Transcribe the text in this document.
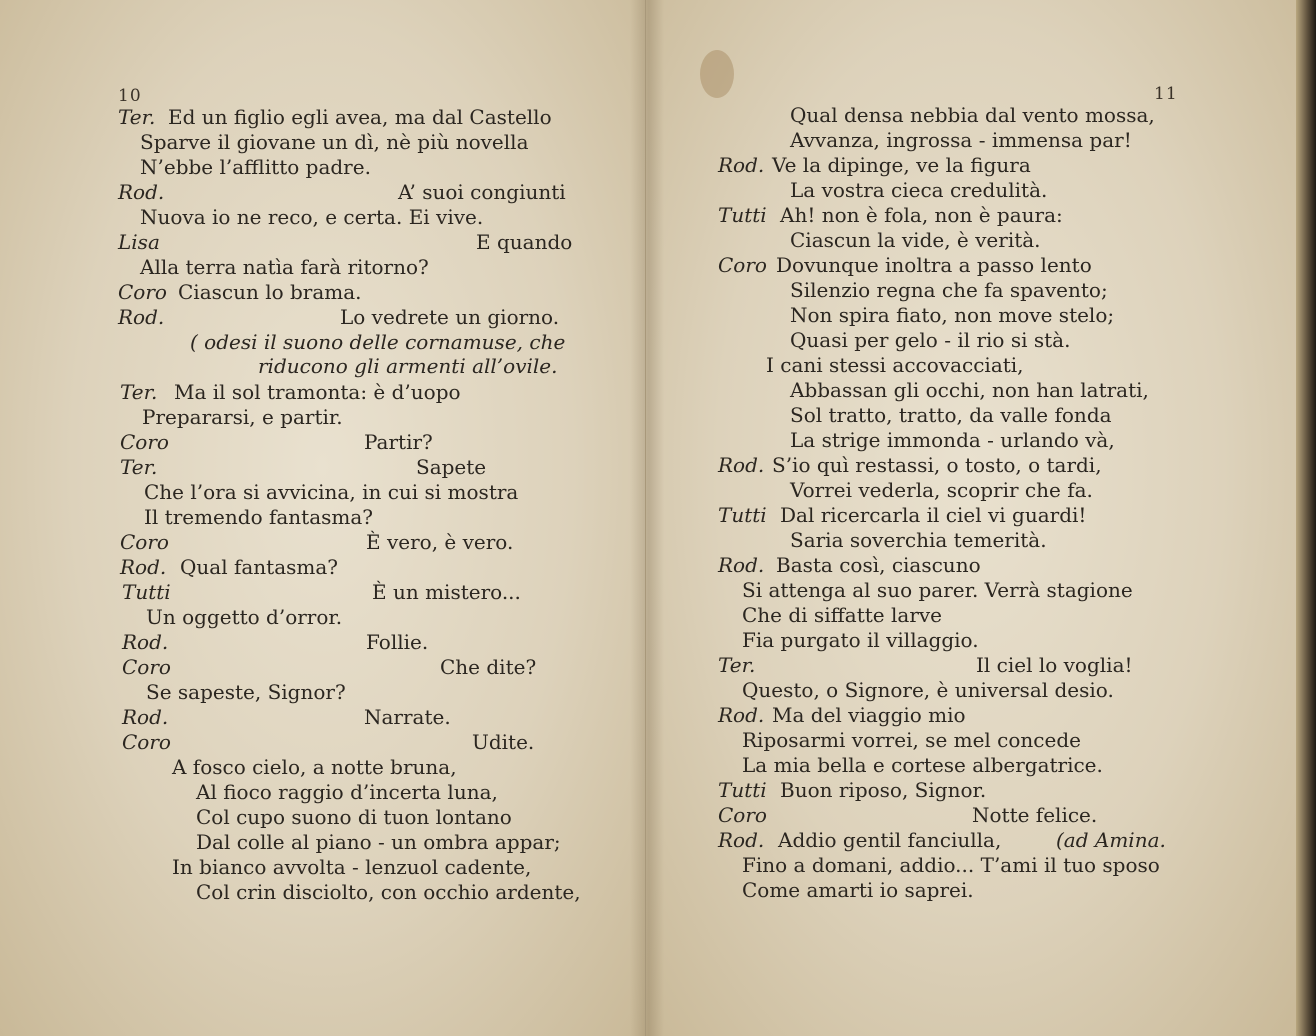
10
Ter. Ed un figlio egli avea, ma dal Castello
Sparve il giovane un dì, nè più novella
N’ebbe l’afflitto padre.
Rod.	A’ suoi congiunti
Nuova io ne reco, e certa. Ei vive.
Lisa	E quando
Alla terra natìa farà ritorno?
Coro Ciascun lo brama.
Rod.	Lo vedrete un giorno.
( odesi il suono delle cornamuse, che
riducono gli armenti all’ovile.
Ter. Ma il sol tramonta: è d’uopo
Prepararsi, e partir.
Coro	Partir?
Ter.	Sapete
Che l’ora si avvicina, in cui si mostra
Il tremendo fantasma?
Coro	È vero, è vero.
Rod. Qual fantasma?
Tutti	È un mistero...
Un oggetto d’orror.
Rod.	Follie.
Coro	Che dite?
Se sapeste, Signor?
Rod.	Narrate.
Coro	Udite.
A fosco cielo, a notte bruna,
Al fioco raggio d’incerta luna,
Col cupo suono di tuon lontano
Dal colle al piano - un ombra appar;
In bianco avvolta - lenzuol cadente,
Col crin disciolto, con occhio ardente,
11
Qual densa nebbia dal vento mossa,
Avvanza, ingrossa - immensa par!
Rod. Ve la dipinge, ve la figura
La vostra cieca credulità.
Tutti Ah! non è fola, non è paura:
Ciascun la vide, è verità.
Coro Dovunque inoltra a passo lento
Silenzio regna che fa spavento;
Non spira fiato, non move stelo;
Quasi per gelo - il rio si stà.
I cani stessi accovacciati,
Abbassan gli occhi, non han latrati,
Sol tratto, tratto, da valle fonda
La strige immonda - urlando và,
Rod. S’io quì restassi, o tosto, o tardi,
Vorrei vederla, scoprir che fa.
Tutti Dal ricercarla il ciel vi guardi!
Saria soverchia temerità.
Rod. Basta così, ciascuno
Si attenga al suo parer. Verrà stagione
Che di siffatte larve
Fia purgato il villaggio.
Ter.	Il ciel lo voglia!
Questo, o Signore, è universal desio.
Rod. Ma del viaggio mio
Riposarmi vorrei, se mel concede
La mia bella e cortese albergatrice.
Tutti Buon riposo, Signor.
Coro	Notte felice.
Rod. Addio gentil fanciulla,	(ad Amina.
Fino a domani, addio... T’ami il tuo sposo
Come amarti io saprei.
